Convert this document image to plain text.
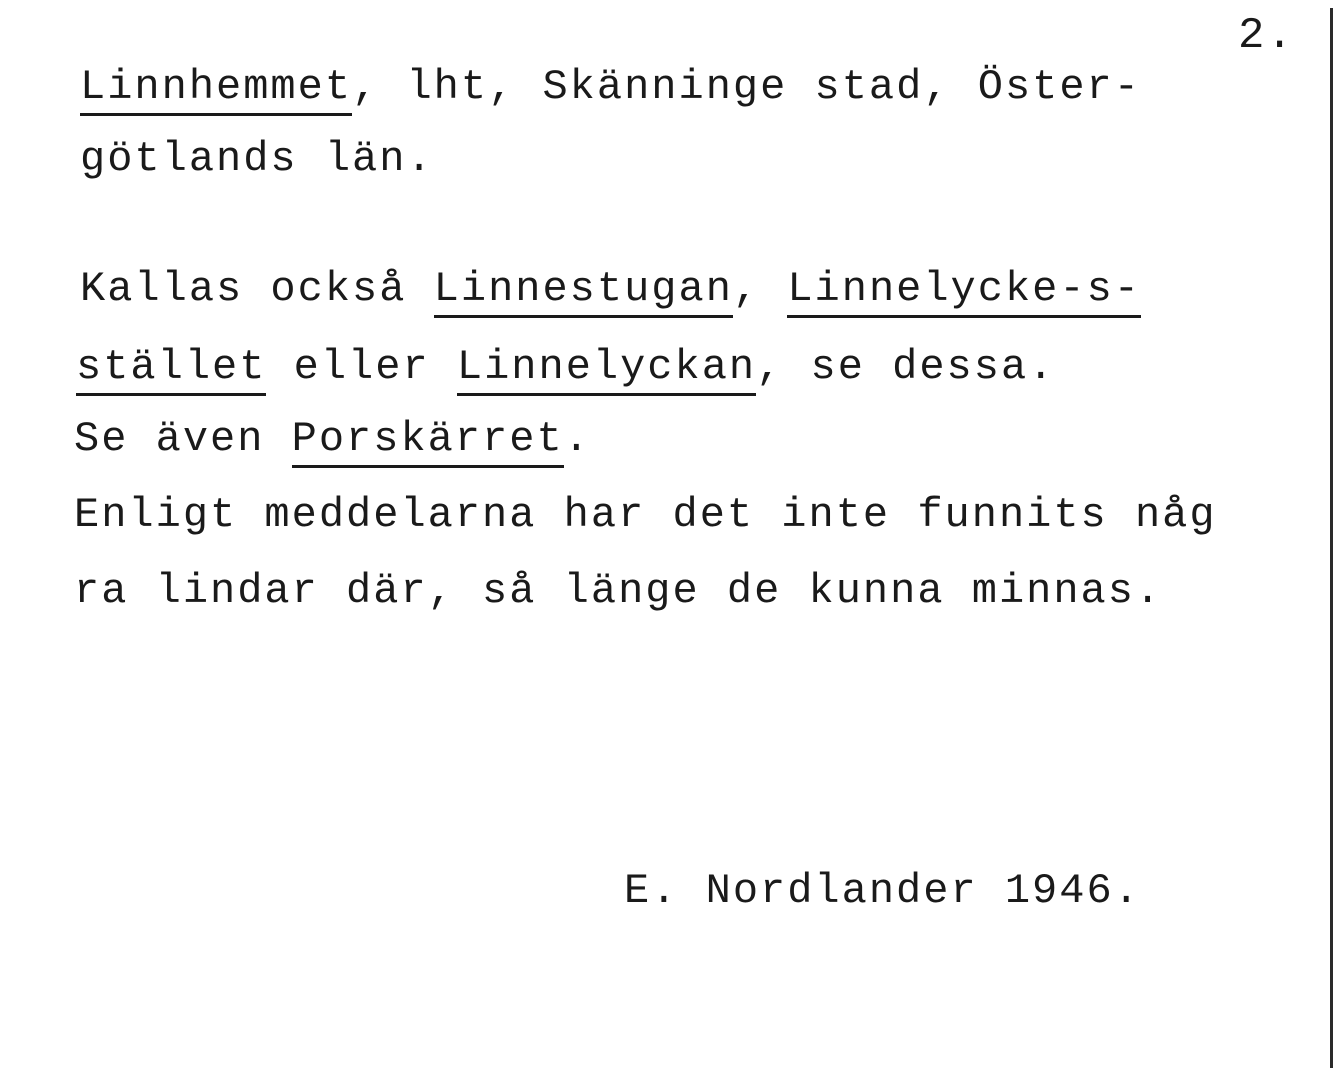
2.
Linnhemmet, lht, Skänninge stad, Öster-
götlands län.
Kallas också Linnestugan, Linnelycke-s-
stället eller Linnelyckan, se dessa.
Se även Porskärret.
Enligt meddelarna har det inte funnits någ
ra lindar där, så länge de kunna minnas.
E. Nordlander 1946.
